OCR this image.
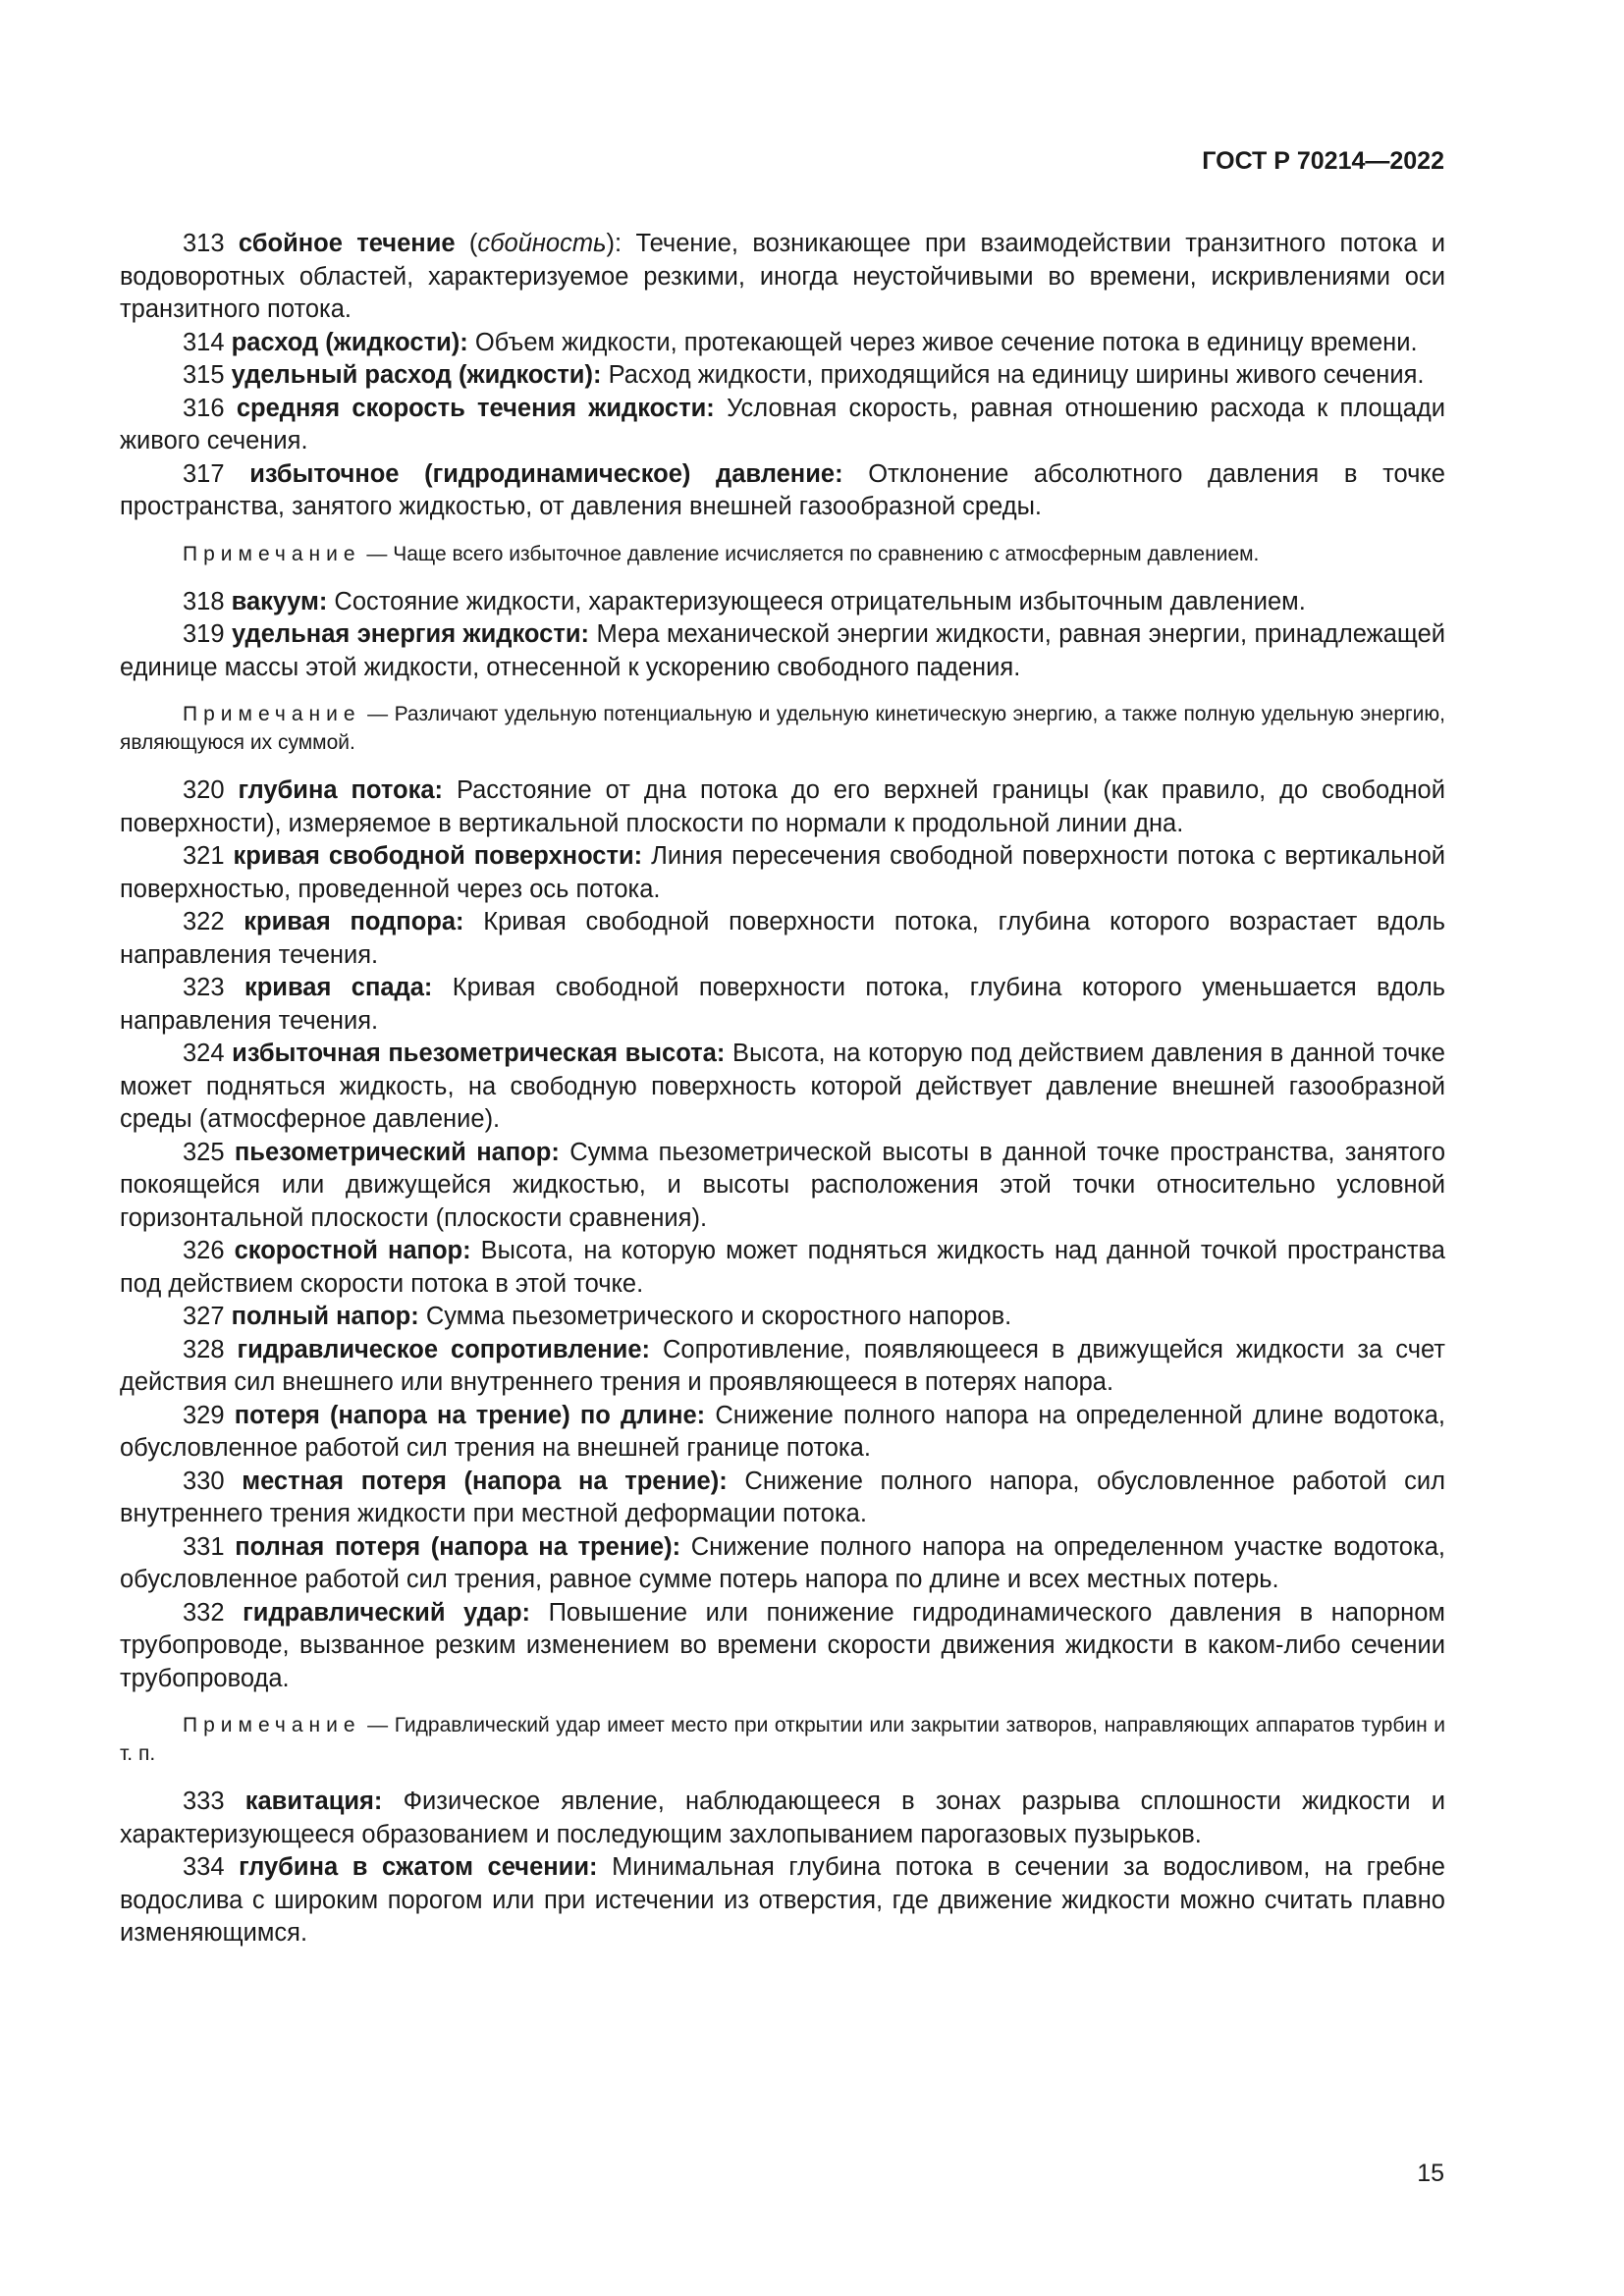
ГОСТ Р 70214—2022

313 сбойное течение (сбойность): Течение, возникающее при взаимодействии транзитного потока и водоворотных областей, характеризуемое резкими, иногда неустойчивыми во времени, искривлениями оси транзитного потока.

314 расход (жидкости): Объем жидкости, протекающей через живое сечение потока в единицу времени.

315 удельный расход (жидкости): Расход жидкости, приходящийся на единицу ширины живого сечения.

316 средняя скорость течения жидкости: Условная скорость, равная отношению расхода к площади живого сечения.

317 избыточное (гидродинамическое) давление: Отклонение абсолютного давления в точке пространства, занятого жидкостью, от давления внешней газообразной среды.

Примечание — Чаще всего избыточное давление исчисляется по сравнению с атмосферным давлением.

318 вакуум: Состояние жидкости, характеризующееся отрицательным избыточным давлением.

319 удельная энергия жидкости: Мера механической энергии жидкости, равная энергии, принадлежащей единице массы этой жидкости, отнесенной к ускорению свободного падения.

Примечание — Различают удельную потенциальную и удельную кинетическую энергию, а также полную удельную энергию, являющуюся их суммой.

320 глубина потока: Расстояние от дна потока до его верхней границы (как правило, до свободной поверхности), измеряемое в вертикальной плоскости по нормали к продольной линии дна.

321 кривая свободной поверхности: Линия пересечения свободной поверхности потока с вертикальной поверхностью, проведенной через ось потока.

322 кривая подпора: Кривая свободной поверхности потока, глубина которого возрастает вдоль направления течения.

323 кривая спада: Кривая свободной поверхности потока, глубина которого уменьшается вдоль направления течения.

324 избыточная пьезометрическая высота: Высота, на которую под действием давления в данной точке может подняться жидкость, на свободную поверхность которой действует давление внешней газообразной среды (атмосферное давление).

325 пьезометрический напор: Сумма пьезометрической высоты в данной точке пространства, занятого покоящейся или движущейся жидкостью, и высоты расположения этой точки относительно условной горизонтальной плоскости (плоскости сравнения).

326 скоростной напор: Высота, на которую может подняться жидкость над данной точкой пространства под действием скорости потока в этой точке.

327 полный напор: Сумма пьезометрического и скоростного напоров.

328 гидравлическое сопротивление: Сопротивление, появляющееся в движущейся жидкости за счет действия сил внешнего или внутреннего трения и проявляющееся в потерях напора.

329 потеря (напора на трение) по длине: Снижение полного напора на определенной длине водотока, обусловленное работой сил трения на внешней границе потока.

330 местная потеря (напора на трение): Снижение полного напора, обусловленное работой сил внутреннего трения жидкости при местной деформации потока.

331 полная потеря (напора на трение): Снижение полного напора на определенном участке водотока, обусловленное работой сил трения, равное сумме потерь напора по длине и всех местных потерь.

332 гидравлический удар: Повышение или понижение гидродинамического давления в напорном трубопроводе, вызванное резким изменением во времени скорости движения жидкости в каком-либо сечении трубопровода.

Примечание — Гидравлический удар имеет место при открытии или закрытии затворов, направляющих аппаратов турбин и т. п.

333 кавитация: Физическое явление, наблюдающееся в зонах разрыва сплошности жидкости и характеризующееся образованием и последующим захлопыванием парогазовых пузырьков.

334 глубина в сжатом сечении: Минимальная глубина потока в сечении за водосливом, на гребне водослива с широким порогом или при истечении из отверстия, где движение жидкости можно считать плавно изменяющимся.

15
